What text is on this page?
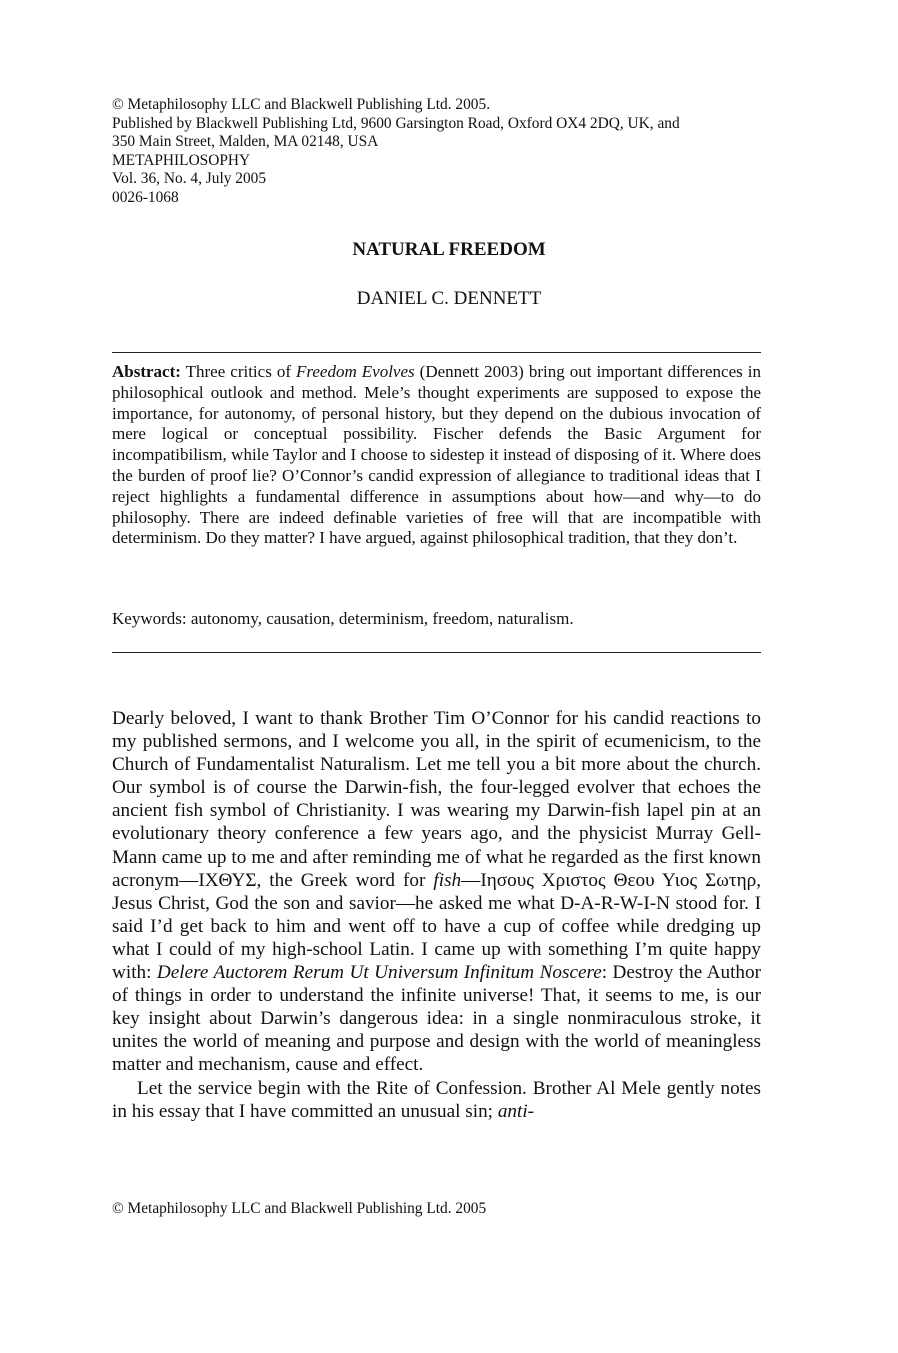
© Metaphilosophy LLC and Blackwell Publishing Ltd. 2005.
Published by Blackwell Publishing Ltd, 9600 Garsington Road, Oxford OX4 2DQ, UK, and
350 Main Street, Malden, MA 02148, USA
METAPHILOSOPHY
Vol. 36, No. 4, July 2005
0026-1068
NATURAL FREEDOM
DANIEL C. DENNETT
Abstract: Three critics of Freedom Evolves (Dennett 2003) bring out important differences in philosophical outlook and method. Mele’s thought experiments are supposed to expose the importance, for autonomy, of personal history, but they depend on the dubious invocation of mere logical or conceptual possibility. Fischer defends the Basic Argument for incompatibilism, while Taylor and I choose to sidestep it instead of disposing of it. Where does the burden of proof lie? O’Connor’s candid expression of allegiance to traditional ideas that I reject highlights a fundamental difference in assumptions about how—and why—to do philosophy. There are indeed definable varieties of free will that are incompatible with determinism. Do they matter? I have argued, against philosophical tradition, that they don’t.
Keywords: autonomy, causation, determinism, freedom, naturalism.

Dearly beloved, I want to thank Brother Tim O’Connor for his candid reactions to my published sermons, and I welcome you all, in the spirit of ecumenicism, to the Church of Fundamentalist Naturalism. Let me tell you a bit more about the church. Our symbol is of course the Darwin-fish, the four-legged evolver that echoes the ancient fish symbol of Christianity. I was wearing my Darwin-fish lapel pin at an evolutionary theory conference a few years ago, and the physicist Murray Gell-Mann came up to me and after reminding me of what he regarded as the first known acronym—ΙΧΘΥΣ, the Greek word for fish—Ιησους Χριστος Θεου Υιος Σωτηρ, Jesus Christ, God the son and savior—he asked me what D-A-R-W-I-N stood for. I said I’d get back to him and went off to have a cup of coffee while dredging up what I could of my high-school Latin. I came up with something I’m quite happy with: Delere Auctorem Rerum Ut Universum Infinitum Noscere: Destroy the Author of things in order to understand the infinite universe! That, it seems to me, is our key insight about Darwin’s dangerous idea: in a single nonmiraculous stroke, it unites the world of meaning and purpose and design with the world of meaningless matter and mechanism, cause and effect.

Let the service begin with the Rite of Confession. Brother Al Mele gently notes in his essay that I have committed an unusual sin; anti-

© Metaphilosophy LLC and Blackwell Publishing Ltd. 2005
